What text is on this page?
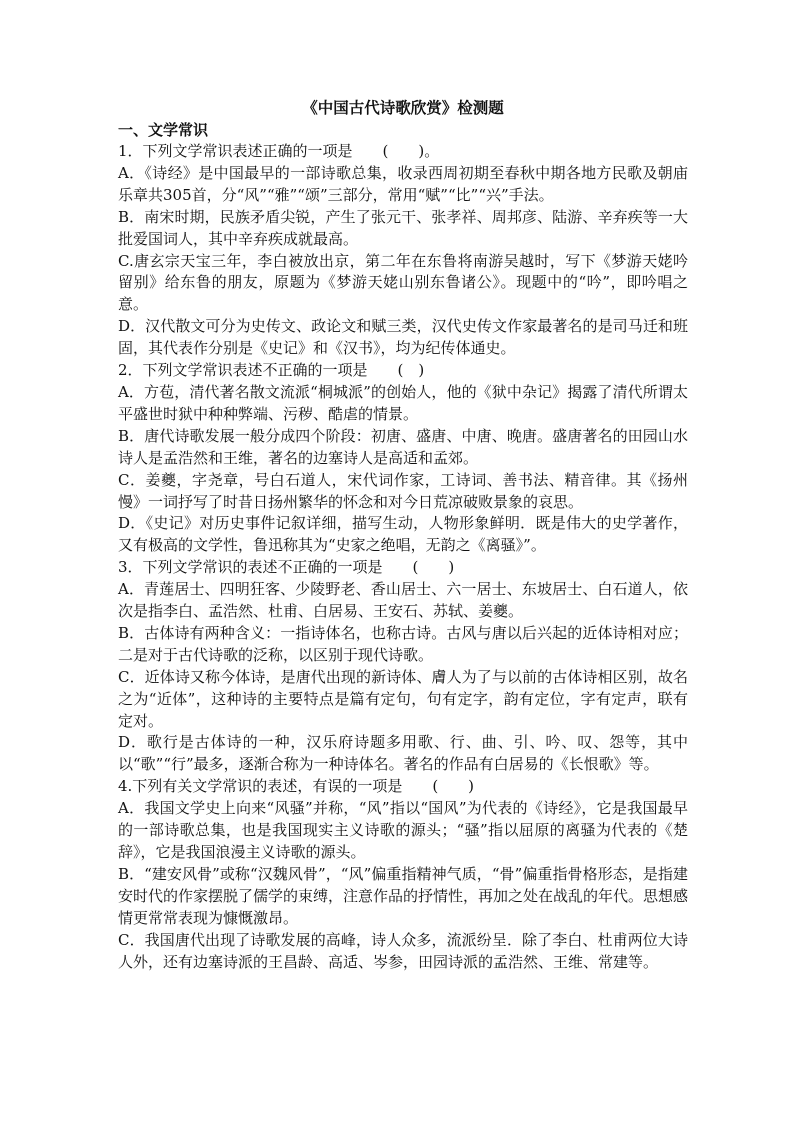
《中国古代诗歌欣赏》检测题

一、文学常识

1．下列文学常识表述正确的一项是　　(　　)。

A．《诗经》是中国最早的一部诗歌总集，收录西周初期至春秋中期各地方民歌及朝庙乐章共305首，分“风”“雅”“颂”三部分，常用“赋”“比”“兴”手法。

B．南宋时期，民族矛盾尖锐，产生了张元干、张孝祥、周邦彦、陆游、辛弃疾等一大批爱国词人，其中辛弃疾成就最高。

C.唐玄宗天宝三年，李白被放出京，第二年在东鲁将南游吴越时，写下《梦游天姥吟留别》给东鲁的朋友，原题为《梦游天姥山别东鲁诸公》。现题中的“吟”，即吟唱之意。

D．汉代散文可分为史传文、政论文和赋三类，汉代史传文作家最著名的是司马迁和班固，其代表作分别是《史记》和《汉书》，均为纪传体通史。

2．下列文学常识表述不正确的一项是　　(　)

A．方苞，清代著名散文流派“桐城派”的创始人，他的《狱中杂记》揭露了清代所谓太平盛世时狱中种种弊端、污秽、酷虐的情景。

B．唐代诗歌发展一般分成四个阶段：初唐、盛唐、中唐、晚唐。盛唐著名的田园山水诗人是孟浩然和王维，著名的边塞诗人是高适和孟郊。

C．姜夔，字尧章，号白石道人，宋代词作家，工诗词、善书法、精音律。其《扬州慢》一词抒写了时昔日扬州繁华的怀念和对今日荒凉破败景象的哀思。

D．《史记》对历史事件记叙详细，描写生动，人物形象鲜明．既是伟大的史学著作，又有极高的文学性，鲁迅称其为“史家之绝唱，无韵之《离骚》”。

3．下列文学常识的表述不正确的一项是　　(　　)

A．青莲居士、四明狂客、少陵野老、香山居士、六一居士、东坡居士、白石道人，依次是指李白、孟浩然、杜甫、白居易、王安石、苏轼、姜夔。

B．古体诗有两种含义：一指诗体名，也称古诗。古风与唐以后兴起的近体诗相对应；二是对于古代诗歌的泛称，以区别于现代诗歌。

C．近体诗又称今体诗，是唐代出现的新诗体、膚人为了与以前的古体诗相区别，故名之为“近体”，这种诗的主要特点是篇有定句，句有定字，韵有定位，字有定声，联有定对。

D．歌行是古体诗的一种，汉乐府诗题多用歌、行、曲、引、吟、叹、怨等，其中以“歌”“行”最多，逐渐合称为一种诗体名。著名的作品有白居易的《长恨歌》等。

4.下列有关文学常识的表述，有误的一项是　　(　　)

A．我国文学史上向来“风骚”并称，“风”指以“国风”为代表的《诗经》，它是我国最早的一部诗歌总集，也是我国现实主义诗歌的源头；“骚”指以屈原的离骚为代表的《楚辞》，它是我国浪漫主义诗歌的源头。

B．“建安风骨”或称“汉魏风骨”，“风”偏重指精神气质，“骨”偏重指骨格形态，是指建安时代的作家摆脱了儒学的束缚，注意作品的抒情性，再加之处在战乱的年代。思想感情更常常表现为慷慨激昂。

C．我国唐代出现了诗歌发展的高峰，诗人众多，流派纷呈．除了李白、杜甫两位大诗人外，还有边塞诗派的王昌龄、高适、岑参，田园诗派的孟浩然、王维、常建等。
